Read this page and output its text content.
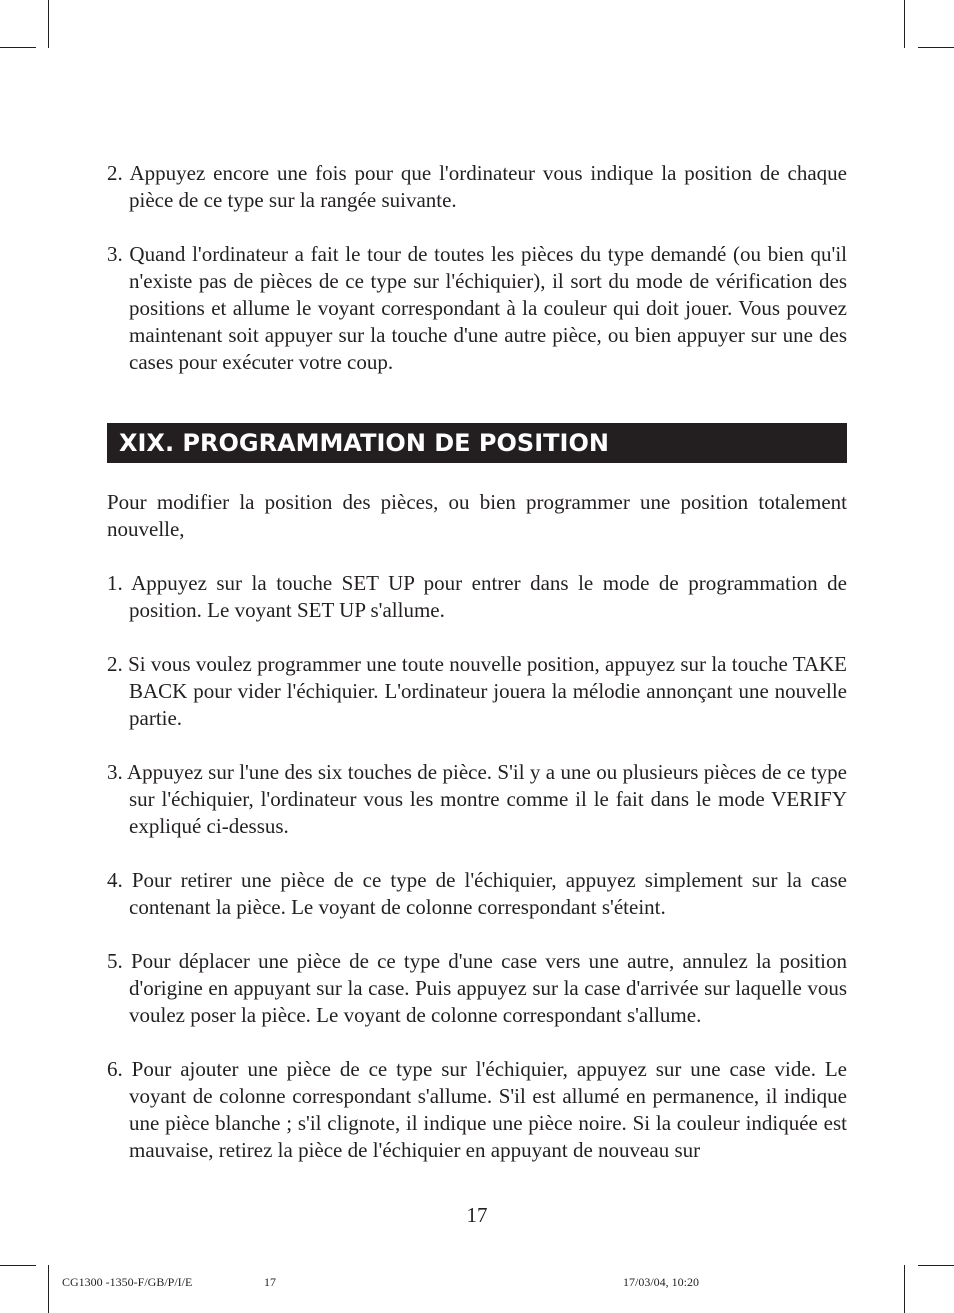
2. Appuyez encore une fois pour que l'ordinateur vous indique la position de chaque pièce de ce type sur la rangée suivante.

3. Quand l'ordinateur a fait le tour de toutes les pièces du type demandé (ou bien qu'il n'existe pas de pièces de ce type sur l'échiquier), il sort du mode de vérification des positions et allume le voyant correspondant à la couleur qui doit jouer. Vous pouvez maintenant soit appuyer sur la touche d'une autre pièce, ou bien appuyer sur une des cases pour exécuter votre coup.

XIX. PROGRAMMATION DE POSITION

Pour modifier la position des pièces, ou bien programmer une position totalement nouvelle,

1. Appuyez sur la touche SET UP pour entrer dans le mode de programmation de position. Le voyant SET UP s'allume.

2. Si vous voulez programmer une toute nouvelle position, appuyez sur la touche TAKE BACK pour vider l'échiquier. L'ordinateur jouera la mélodie annonçant une nouvelle partie.

3. Appuyez sur l'une des six touches de pièce. S'il y a une ou plusieurs pièces de ce type sur l'échiquier, l'ordinateur vous les montre comme il le fait dans le mode VERIFY expliqué ci-dessus.

4. Pour retirer une pièce de ce type de l'échiquier, appuyez simplement sur la case contenant la pièce. Le voyant de colonne correspondant s'éteint.

5. Pour déplacer une pièce de ce type d'une case vers une autre, annulez la position d'origine en appuyant sur la case. Puis appuyez sur la case d'arrivée sur laquelle vous voulez poser la pièce. Le voyant de colonne correspondant s'allume.

6. Pour ajouter une pièce de ce type sur l'échiquier, appuyez sur une case vide. Le voyant de colonne correspondant s'allume. S'il est allumé en permanence, il indique une pièce blanche ; s'il clignote, il indique une pièce noire. Si la couleur indiquée est mauvaise, retirez la pièce de l'échiquier en appuyant de nouveau sur

17
CG1300 -1350-F/GB/P/I/E	17	17/03/04, 10:20
